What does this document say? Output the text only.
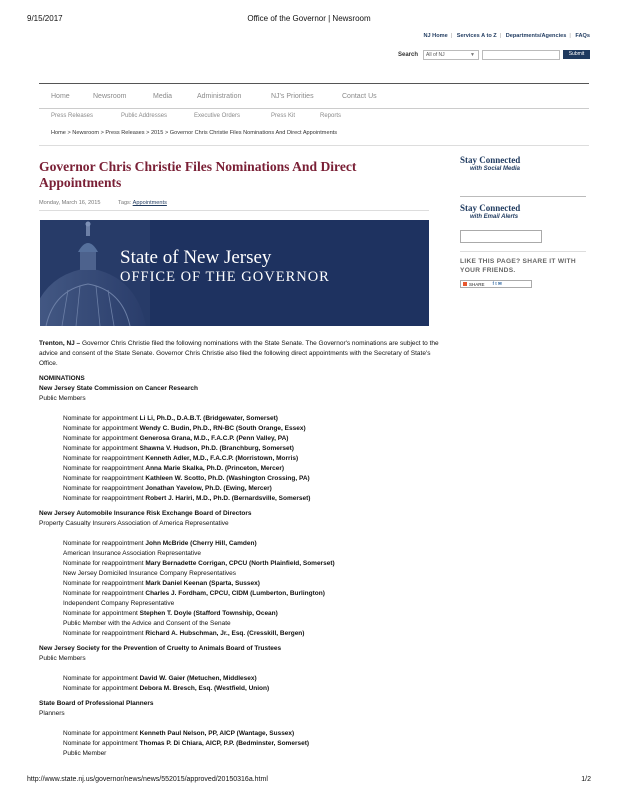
9/15/2017	Office of the Governor | Newsroom
NJ Home | Services A to Z | Departments/Agencies | FAQs
Search	All of NJ	▼	Submit
Home	Newsroom	Media	Administration	NJ's Priorities	Contact Us
Press Releases	Public Addresses	Executive Orders	Press Kit	Reports
Home > Newsroom > Press Releases > 2015 > Governor Chris Christie Files Nominations And Direct Appointments
Governor Chris Christie Files Nominations And Direct Appointments
Monday, March 16, 2015	Tags: Appointments
State of New Jersey
OFFICE OF THE GOVERNOR
Stay Connected
with Social Media
Stay Connected
with Email Alerts
LIKE THIS PAGE? SHARE IT WITH YOUR FRIENDS.
SHARE f t ✉

Trenton, NJ – Governor Chris Christie filed the following nominations with the State Senate. The Governor's nominations are subject to the advice and consent of the State Senate. Governor Chris Christie also filed the following direct appointments with the Secretary of State's Office.

NOMINATIONS

New Jersey State Commission on Cancer Research

Public Members

Nominate for appointment Li Li, Ph.D., D.A.B.T. (Bridgewater, Somerset)

Nominate for appointment Wendy C. Budin, Ph.D., RN-BC (South Orange, Essex)

Nominate for appointment Generosa Grana, M.D., F.A.C.P. (Penn Valley, PA)

Nominate for appointment Shawna V. Hudson, Ph.D. (Branchburg, Somerset)

Nominate for reappointment Kenneth Adler, M.D., F.A.C.P. (Morristown, Morris)

Nominate for reappointment Anna Marie Skalka, Ph.D. (Princeton, Mercer)

Nominate for reappointment Kathleen W. Scotto, Ph.D. (Washington Crossing, PA)

Nominate for reappointment Jonathan Yavelow, Ph.D. (Ewing, Mercer)

Nominate for reappointment Robert J. Hariri, M.D., Ph.D. (Bernardsville, Somerset)

New Jersey Automobile Insurance Risk Exchange Board of Directors

Property Casualty Insurers Association of America Representative

Nominate for reappointment John McBride (Cherry Hill, Camden)

American Insurance Association Representative

Nominate for reappointment Mary Bernadette Corrigan, CPCU (North Plainfield, Somerset)

New Jersey Domiciled Insurance Company Representatives

Nominate for reappointment Mark Daniel Keenan (Sparta, Sussex)

Nominate for reappointment Charles J. Fordham, CPCU, CIDM (Lumberton, Burlington)

Independent Company Representative

Nominate for appointment Stephen T. Doyle (Stafford Township, Ocean)

Public Member with the Advice and Consent of the Senate

Nominate for reappointment Richard A. Hubschman, Jr., Esq. (Cresskill, Bergen)

New Jersey Society for the Prevention of Cruelty to Animals Board of Trustees

Public Members

Nominate for appointment David W. Gaier (Metuchen, Middlesex)

Nominate for appointment Debora M. Bresch, Esq. (Westfield, Union)

State Board of Professional Planners

Planners

Nominate for appointment Kenneth Paul Nelson, PP, AICP (Wantage, Sussex)

Nominate for appointment Thomas P. Di Chiara, AICP, P.P. (Bedminster, Somerset)

Public Member

http://www.state.nj.us/governor/news/news/552015/approved/20150316a.html	1/2
